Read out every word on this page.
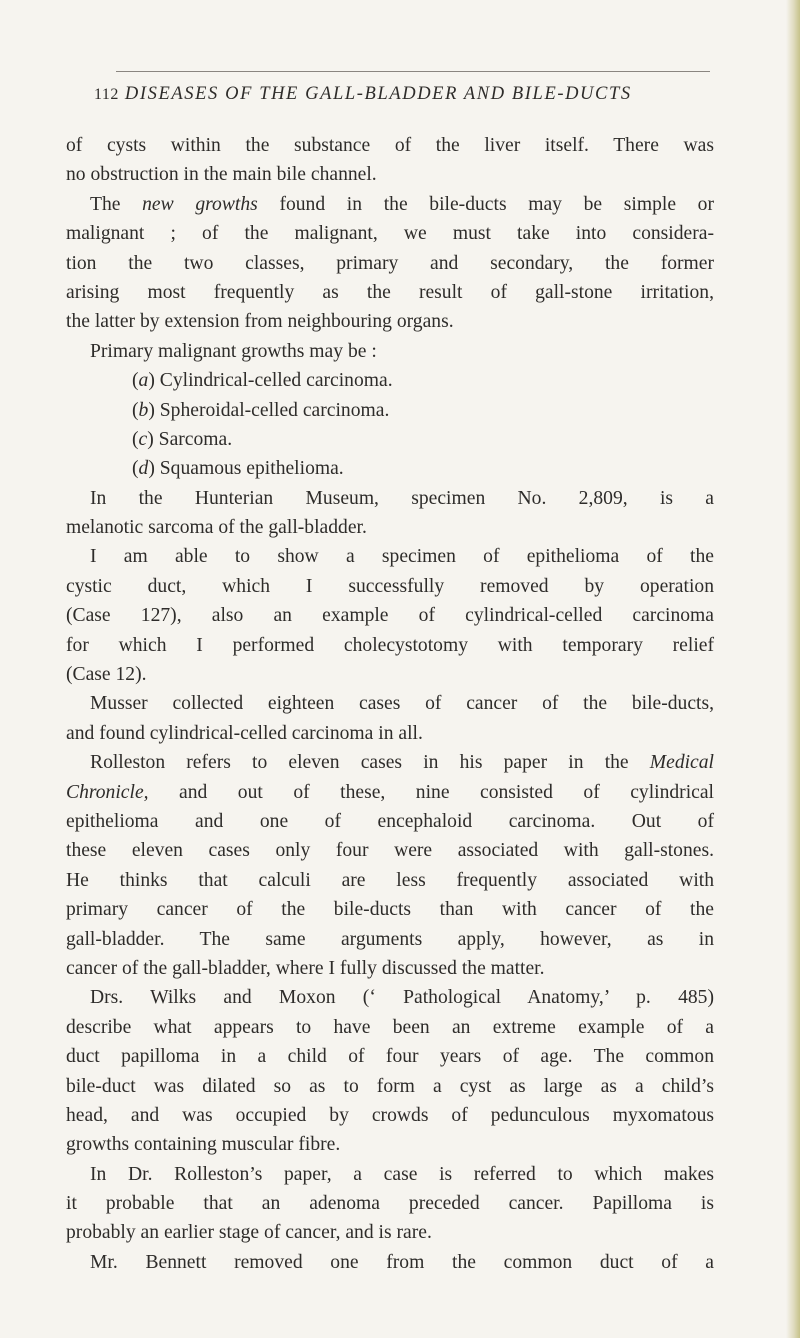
112 DISEASES OF THE GALL-BLADDER AND BILE-DUCTS
of cysts within the substance of the liver itself. There was
no obstruction in the main bile channel.
The new growths found in the bile-ducts may be simple or
malignant ; of the malignant, we must take into considera-
tion the two classes, primary and secondary, the former
arising most frequently as the result of gall-stone irritation,
the latter by extension from neighbouring organs.
Primary malignant growths may be :
(a) Cylindrical-celled carcinoma.
(b) Spheroidal-celled carcinoma.
(c) Sarcoma.
(d) Squamous epithelioma.
In the Hunterian Museum, specimen No. 2,809, is a
melanotic sarcoma of the gall-bladder.
I am able to show a specimen of epithelioma of the
cystic duct, which I successfully removed by operation
(Case 127), also an example of cylindrical-celled carcinoma
for which I performed cholecystotomy with temporary relief
(Case 12).
Musser collected eighteen cases of cancer of the bile-ducts,
and found cylindrical-celled carcinoma in all.
Rolleston refers to eleven cases in his paper in the Medical
Chronicle, and out of these, nine consisted of cylindrical
epithelioma and one of encephaloid carcinoma. Out of
these eleven cases only four were associated with gall-stones.
He thinks that calculi are less frequently associated with
primary cancer of the bile-ducts than with cancer of the
gall-bladder. The same arguments apply, however, as in
cancer of the gall-bladder, where I fully discussed the matter.
Drs. Wilks and Moxon (‘ Pathological Anatomy,’ p. 485)
describe what appears to have been an extreme example of a
duct papilloma in a child of four years of age. The common
bile-duct was dilated so as to form a cyst as large as a child’s
head, and was occupied by crowds of pedunculous myxomatous
growths containing muscular fibre.
In Dr. Rolleston’s paper, a case is referred to which makes
it probable that an adenoma preceded cancer. Papilloma is
probably an earlier stage of cancer, and is rare.
Mr. Bennett removed one from the common duct of a
